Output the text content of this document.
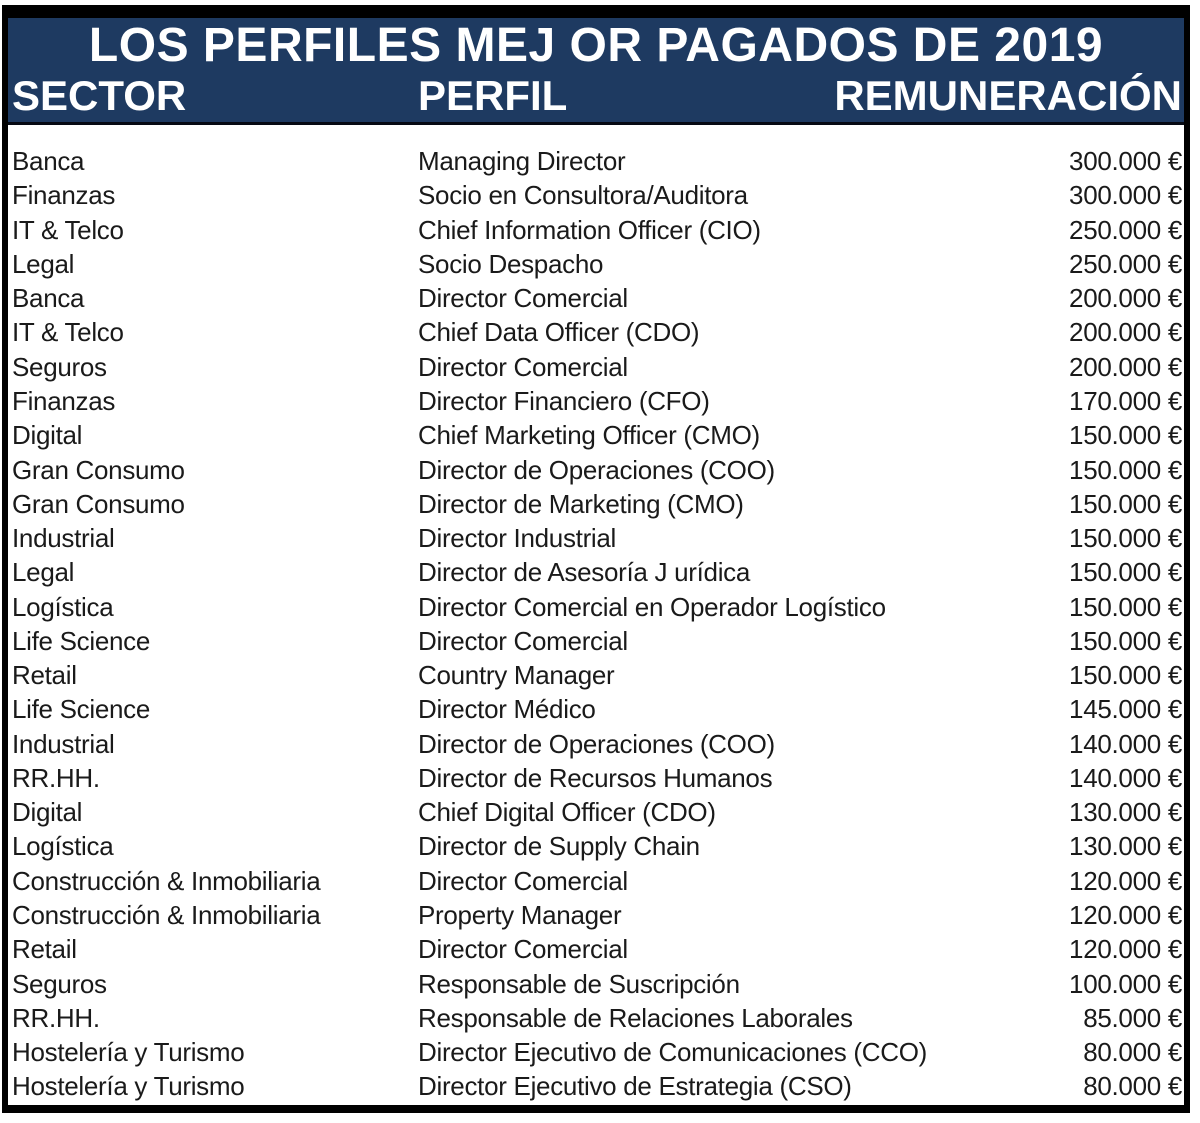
LOS PERFILES MEJ OR PAGADOS DE 2019
SECTOR	PERFIL	REMUNERACIÓN
Banca	Managing Director	300.000 €
Finanzas	Socio en Consultora/Auditora	300.000 €
IT & Telco	Chief Information Officer (CIO)	250.000 €
Legal	Socio Despacho	250.000 €
Banca	Director Comercial	200.000 €
IT & Telco	Chief Data Officer (CDO)	200.000 €
Seguros	Director Comercial	200.000 €
Finanzas	Director Financiero (CFO)	170.000 €
Digital	Chief Marketing Officer (CMO)	150.000 €
Gran Consumo	Director de Operaciones (COO)	150.000 €
Gran Consumo	Director de Marketing (CMO)	150.000 €
Industrial	Director Industrial	150.000 €
Legal	Director de Asesoría J urídica	150.000 €
Logística	Director Comercial en Operador Logístico	150.000 €
Life Science	Director Comercial	150.000 €
Retail	Country Manager	150.000 €
Life Science	Director Médico	145.000 €
Industrial	Director de Operaciones (COO)	140.000 €
RR.HH.	Director de Recursos Humanos	140.000 €
Digital	Chief Digital Officer (CDO)	130.000 €
Logística	Director de Supply Chain	130.000 €
Construcción & Inmobiliaria	Director Comercial	120.000 €
Construcción & Inmobiliaria	Property Manager	120.000 €
Retail	Director Comercial	120.000 €
Seguros	Responsable de Suscripción	100.000 €
RR.HH.	Responsable de Relaciones Laborales	85.000 €
Hostelería y Turismo	Director Ejecutivo de Comunicaciones (CCO)	80.000 €
Hostelería y Turismo	Director Ejecutivo de Estrategia (CSO)	80.000 €
